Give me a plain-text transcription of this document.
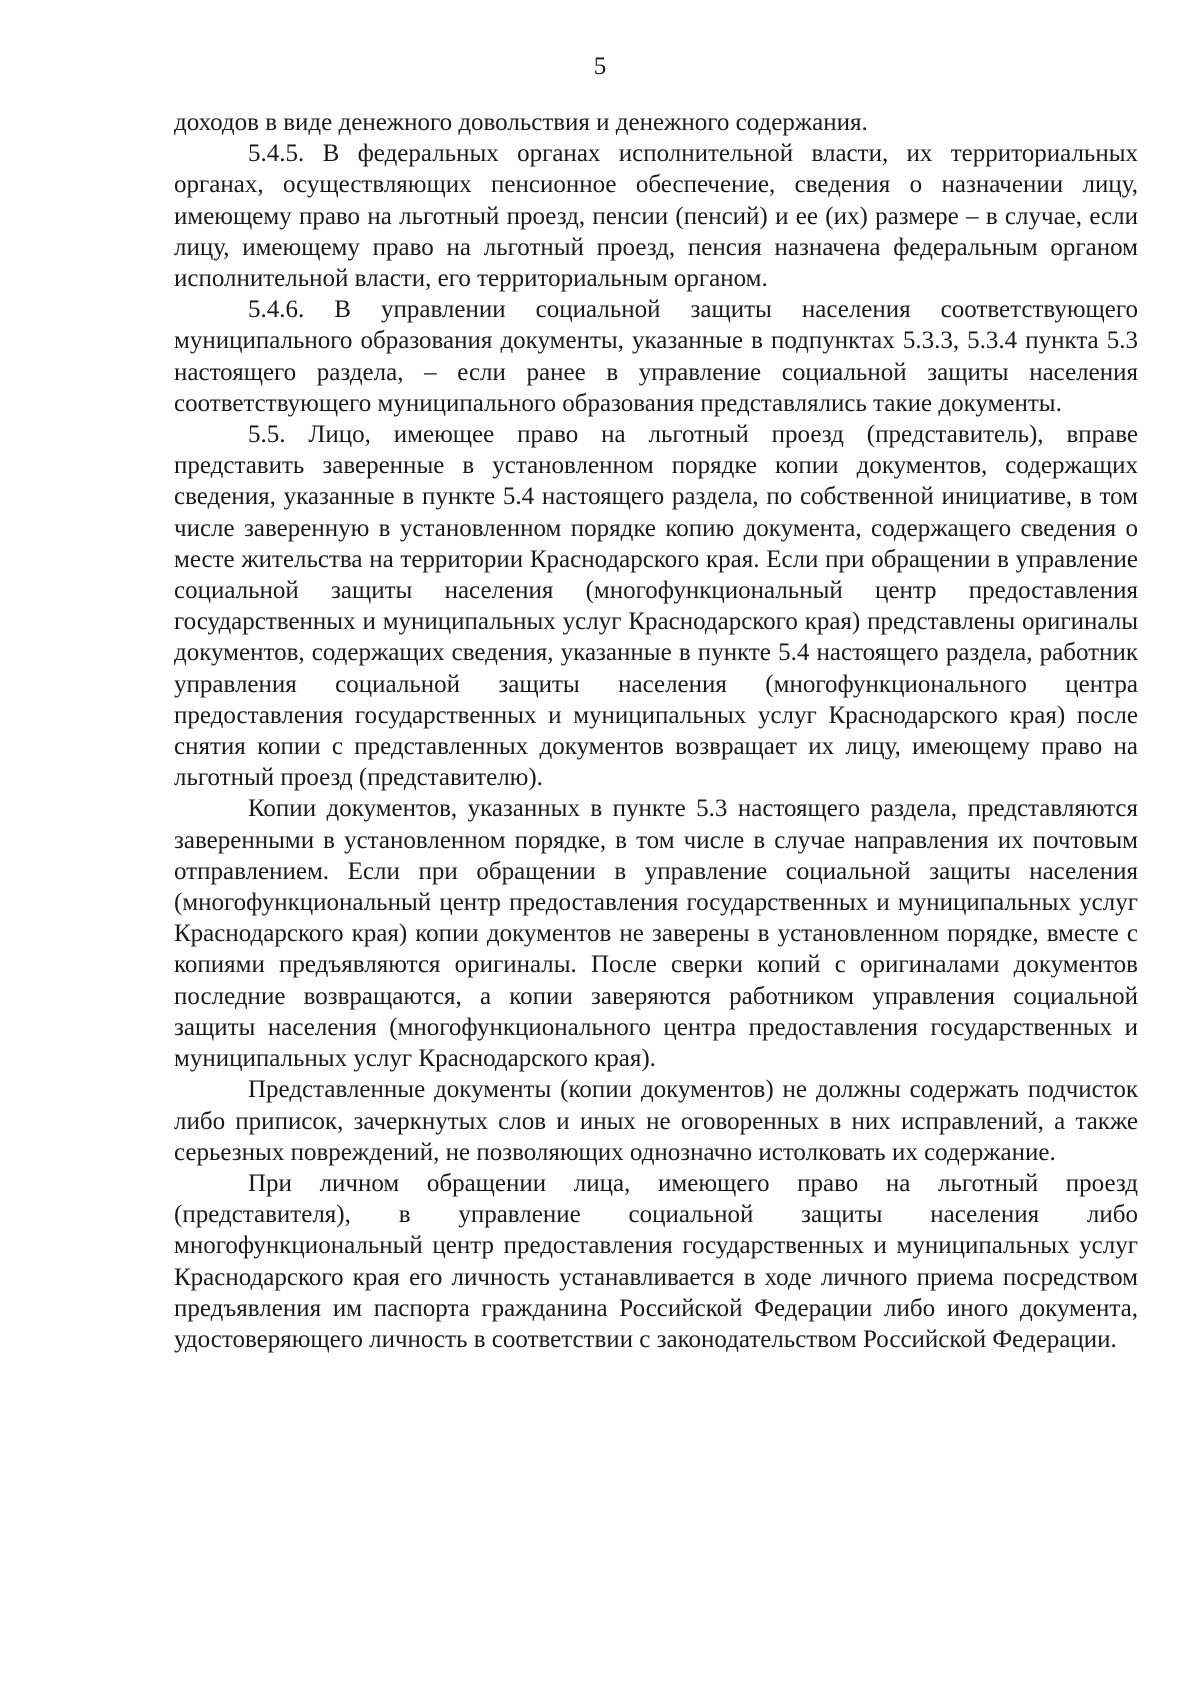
5

доходов в виде денежного довольствия и денежного содержания.

5.4.5. В федеральных органах исполнительной власти, их территориальных органах, осуществляющих пенсионное обеспечение, сведения о назначении лицу, имеющему право на льготный проезд, пенсии (пенсий) и ее (их) размере – в случае, если лицу, имеющему право на льготный проезд, пенсия назначена федеральным органом исполнительной власти, его территориальным органом.

5.4.6. В управлении социальной защиты населения соответствующего муниципального образования документы, указанные в подпунктах 5.3.3, 5.3.4 пункта 5.3 настоящего раздела, – если ранее в управление социальной защиты населения соответствующего муниципального образования представлялись такие документы.

5.5. Лицо, имеющее право на льготный проезд (представитель), вправе представить заверенные в установленном порядке копии документов, содержащих сведения, указанные в пункте 5.4 настоящего раздела, по собственной инициативе, в том числе заверенную в установленном порядке копию документа, содержащего сведения о месте жительства на территории Краснодарского края. Если при обращении в управление социальной защиты населения (многофункциональный центр предоставления государственных и муниципальных услуг Краснодарского края) представлены оригиналы документов, содержащих сведения, указанные в пункте 5.4 настоящего раздела, работник управления социальной защиты населения (многофункционального центра предоставления государственных и муниципальных услуг Краснодарского края) после снятия копии с представленных документов возвращает их лицу, имеющему право на льготный проезд (представителю).

Копии документов, указанных в пункте 5.3 настоящего раздела, представляются заверенными в установленном порядке, в том числе в случае направления их почтовым отправлением. Если при обращении в управление социальной защиты населения (многофункциональный центр предоставления государственных и муниципальных услуг Краснодарского края) копии документов не заверены в установленном порядке, вместе с копиями предъявляются оригиналы. После сверки копий с оригиналами документов последние возвращаются, а копии заверяются работником управления социальной защиты населения (многофункционального центра предоставления государственных и муниципальных услуг Краснодарского края).

Представленные документы (копии документов) не должны содержать подчисток либо приписок, зачеркнутых слов и иных не оговоренных в них исправлений, а также серьезных повреждений, не позволяющих однозначно истолковать их содержание.

При личном обращении лица, имеющего право на льготный проезд (представителя), в управление социальной защиты населения либо многофункциональный центр предоставления государственных и муниципальных услуг Краснодарского края его личность устанавливается в ходе личного приема посредством предъявления им паспорта гражданина Российской Федерации либо иного документа, удостоверяющего личность в соответствии с законодательством Российской Федерации.
